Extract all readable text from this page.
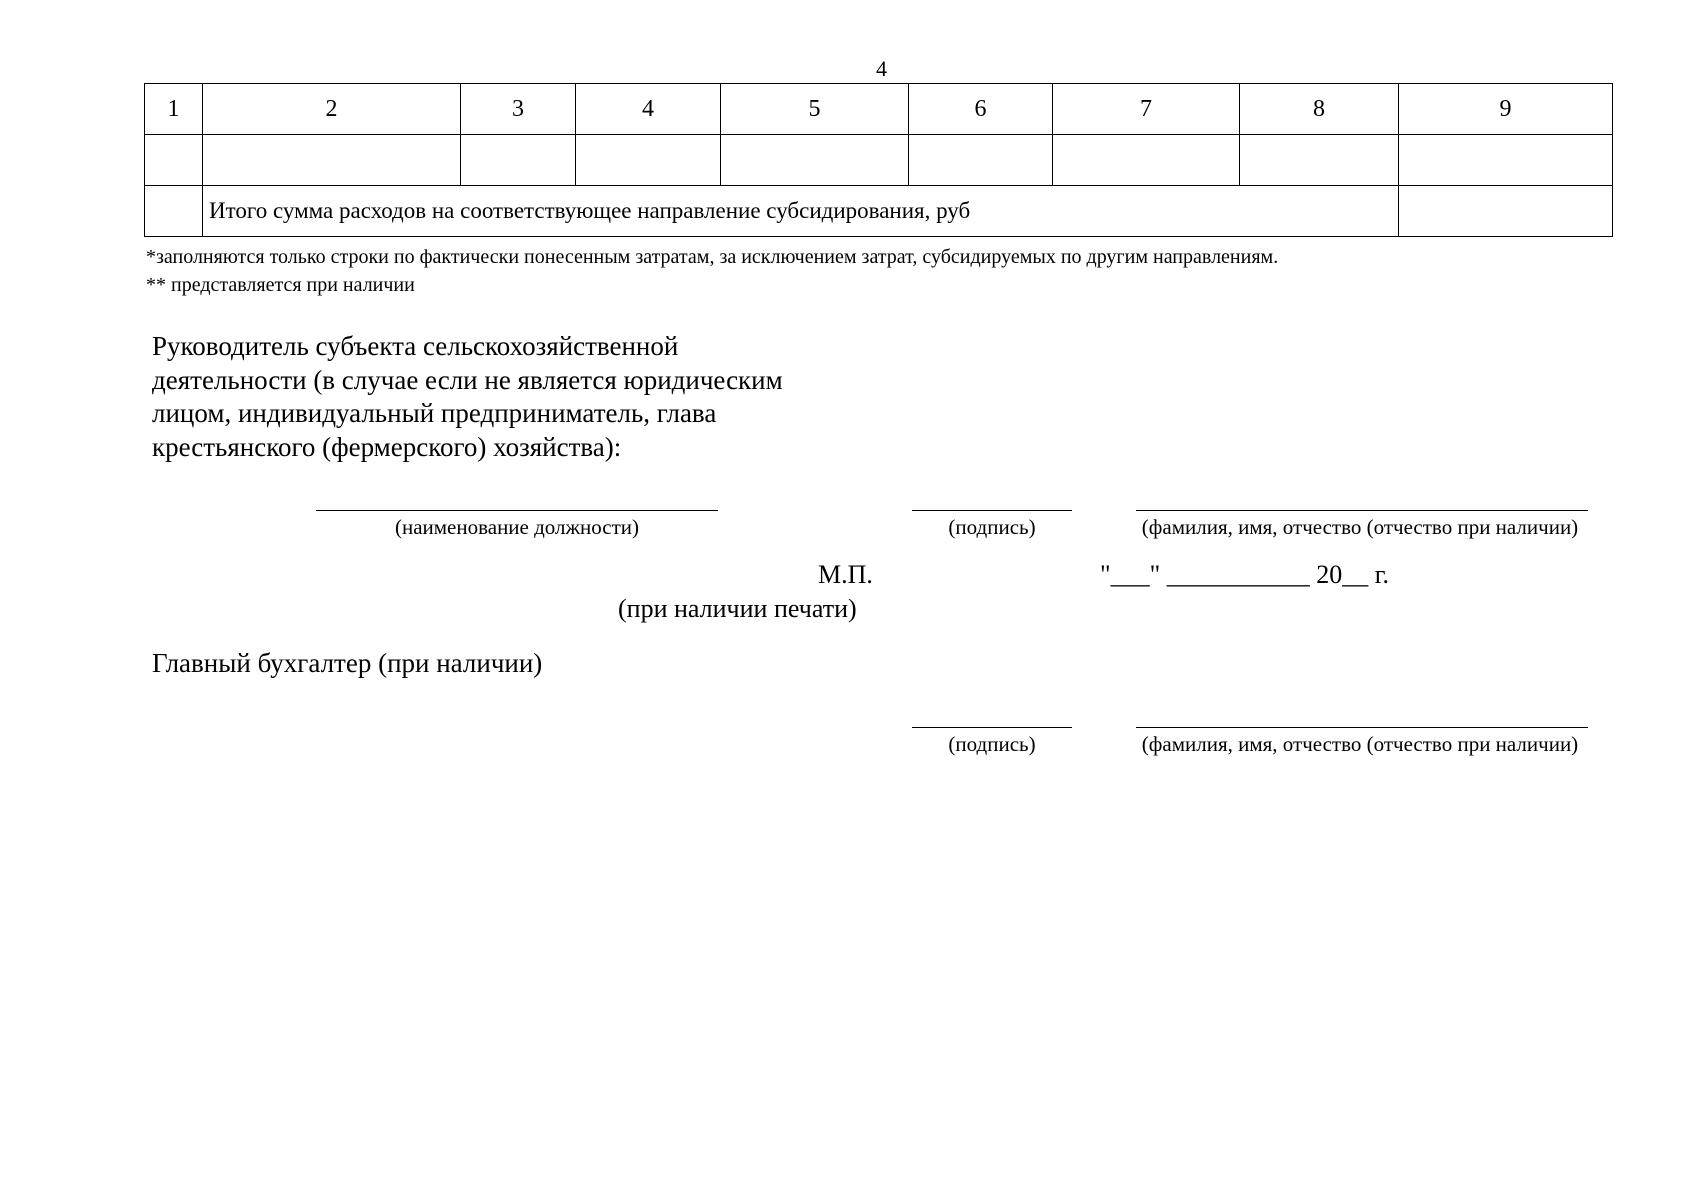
4
1	2	3	4	5	6	7	8	9

	Итого сумма расходов на соответствующее направление субсидирования, руб							
*заполняются только строки по фактически понесенным затратам, за исключением затрат, субсидируемых по другим направлениям.
** представляется при наличии
Руководитель субъекта сельскохозяйственной
деятельности (в случае если не является юридическим
лицом, индивидуальный предприниматель, глава
крестьянского (фермерского) хозяйства):
(наименование должности)	(подпись)	(фамилия, имя, отчество (отчество при наличии)
М.П.
(при наличии печати)
"___" ___________ 20__ г.
Главный бухгалтер (при наличии)
(подпись)	(фамилия, имя, отчество (отчество при наличии)
